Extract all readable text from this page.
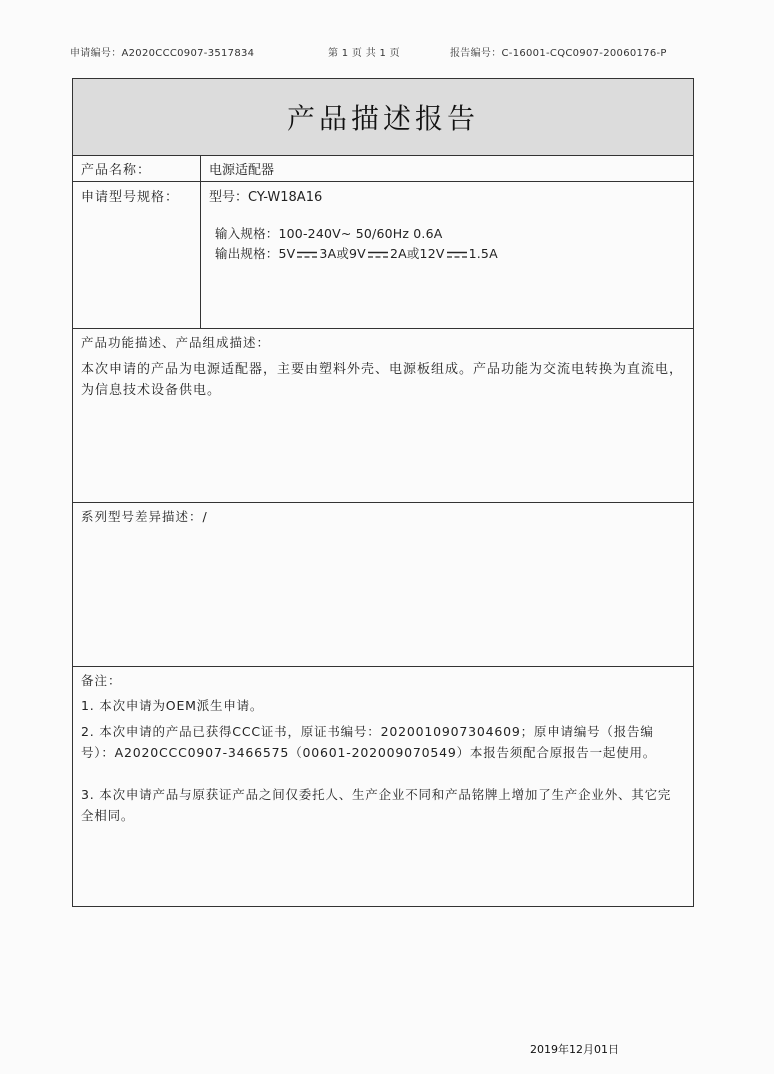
申请编号：A2020CCC0907-3517834	第 1 页 共 1 页	报告编号：C-16001-CQC0907-20060176-P
产品描述报告
产品名称：	电源适配器
申请型号规格：	型号：CY-W18A16
输入规格：100-240V~ 50/60Hz 0.6A
输出规格：5V 3A或9V 2A或12V 1.5A
产品功能描述、产品组成描述：
本次申请的产品为电源适配器，主要由塑料外壳、电源板组成。产品功能为交流电转换为直流电，为信息技术设备供电。
系列型号差异描述：/
备注：
1. 本次申请为OEM派生申请。
2. 本次申请的产品已获得CCC证书，原证书编号：2020010907304609；原申请编号（报告编号）：A2020CCC0907-3466575（00601-202009070549）本报告须配合原报告一起使用。
3. 本次申请产品与原获证产品之间仅委托人、生产企业不同和产品铭牌上增加了生产企业外、其它完全相同。
2019年12月01日
